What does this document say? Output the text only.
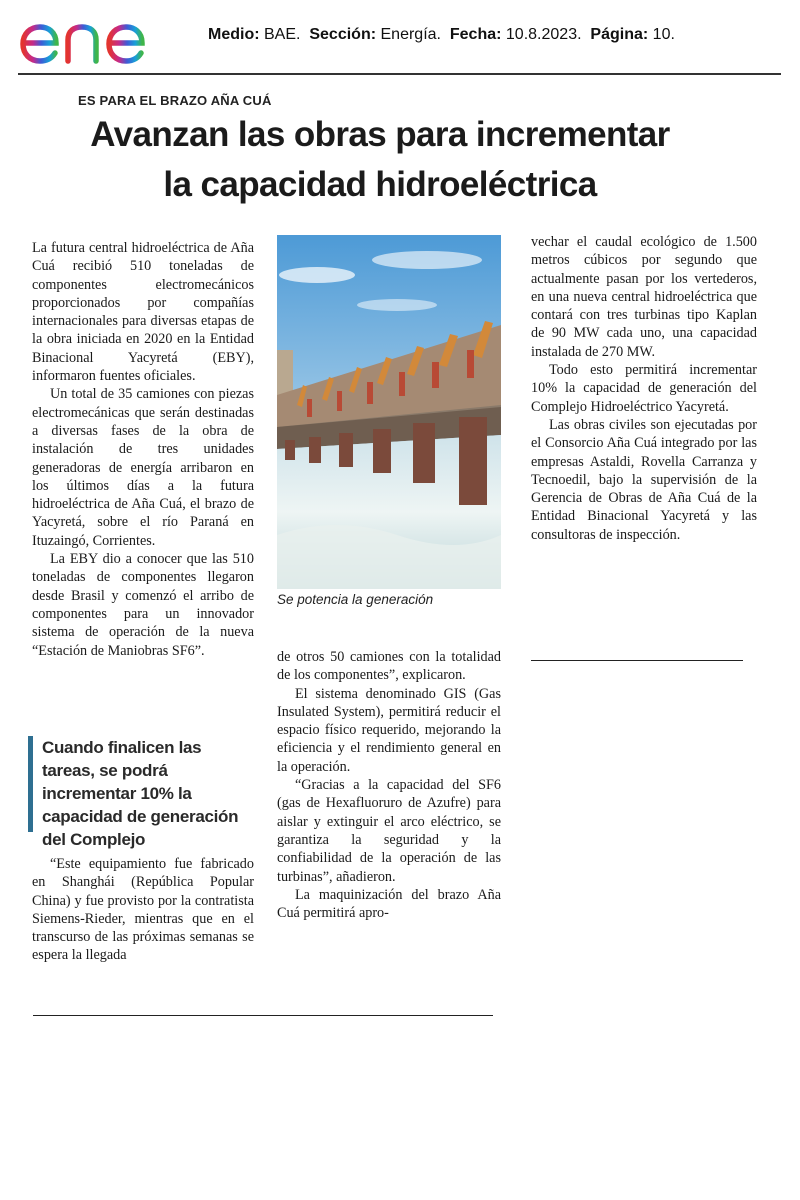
Medio: BAE. Sección: Energía. Fecha: 10.8.2023. Página: 10.
ES PARA EL BRAZO AÑA CUÁ
Avanzan las obras para incrementar
la capacidad hidroeléctrica

La futura central hidroeléctrica de Aña Cuá recibió 510 toneladas de componentes electromecánicos proporcionados por compañías internacionales para diversas etapas de la obra iniciada en 2020 en la Entidad Binacional Yacyretá (EBY), informaron fuentes oficiales.

Un total de 35 camiones con piezas electromecánicas que serán destinadas a diversas fases de la obra de instalación de tres unidades generadoras de energía arribaron en los últimos días a la futura hidroeléctrica de Aña Cuá, el brazo de Yacyretá, sobre el río Paraná en Ituzaingó, Corrientes.

La EBY dio a conocer que las 510 toneladas de componentes llegaron desde Brasil y comenzó el arribo de componentes para un innovador sistema de operación de la nueva “Estación de Maniobras SF6”.

Cuando finalicen las tareas, se podrá incrementar 10% la capacidad de generación del Complejo

“Este equipamiento fue fabricado en Shanghái (República Popular China) y fue provisto por la contratista Siemens-Rieder, mientras que en el transcurso de las próximas semanas se espera la llegada

Se potencia la generación

de otros 50 camiones con la totalidad de los componentes”, explicaron.

El sistema denominado GIS (Gas Insulated System), permitirá reducir el espacio físico requerido, mejorando la eficiencia y el rendimiento general en la operación.

“Gracias a la capacidad del SF6 (gas de Hexafluoruro de Azufre) para aislar y extinguir el arco eléctrico, se garantiza la seguridad y la confiabilidad de la operación de las turbinas”, añadieron.

La maquinización del brazo Aña Cuá permitirá apro-

vechar el caudal ecológico de 1.500 metros cúbicos por segundo que actualmente pasan por los vertederos, en una nueva central hidroeléctrica que contará con tres turbinas tipo Kaplan de 90 MW cada uno, una capacidad instalada de 270 MW.

Todo esto permitirá incrementar 10% la capacidad de generación del Complejo Hidroeléctrico Yacyretá.

Las obras civiles son ejecutadas por el Consorcio Aña Cuá integrado por las empresas Astaldi, Rovella Carranza y Tecnoedil, bajo la supervisión de la Gerencia de Obras de Aña Cuá de la Entidad Binacional Yacyretá y las consultoras de inspección.
